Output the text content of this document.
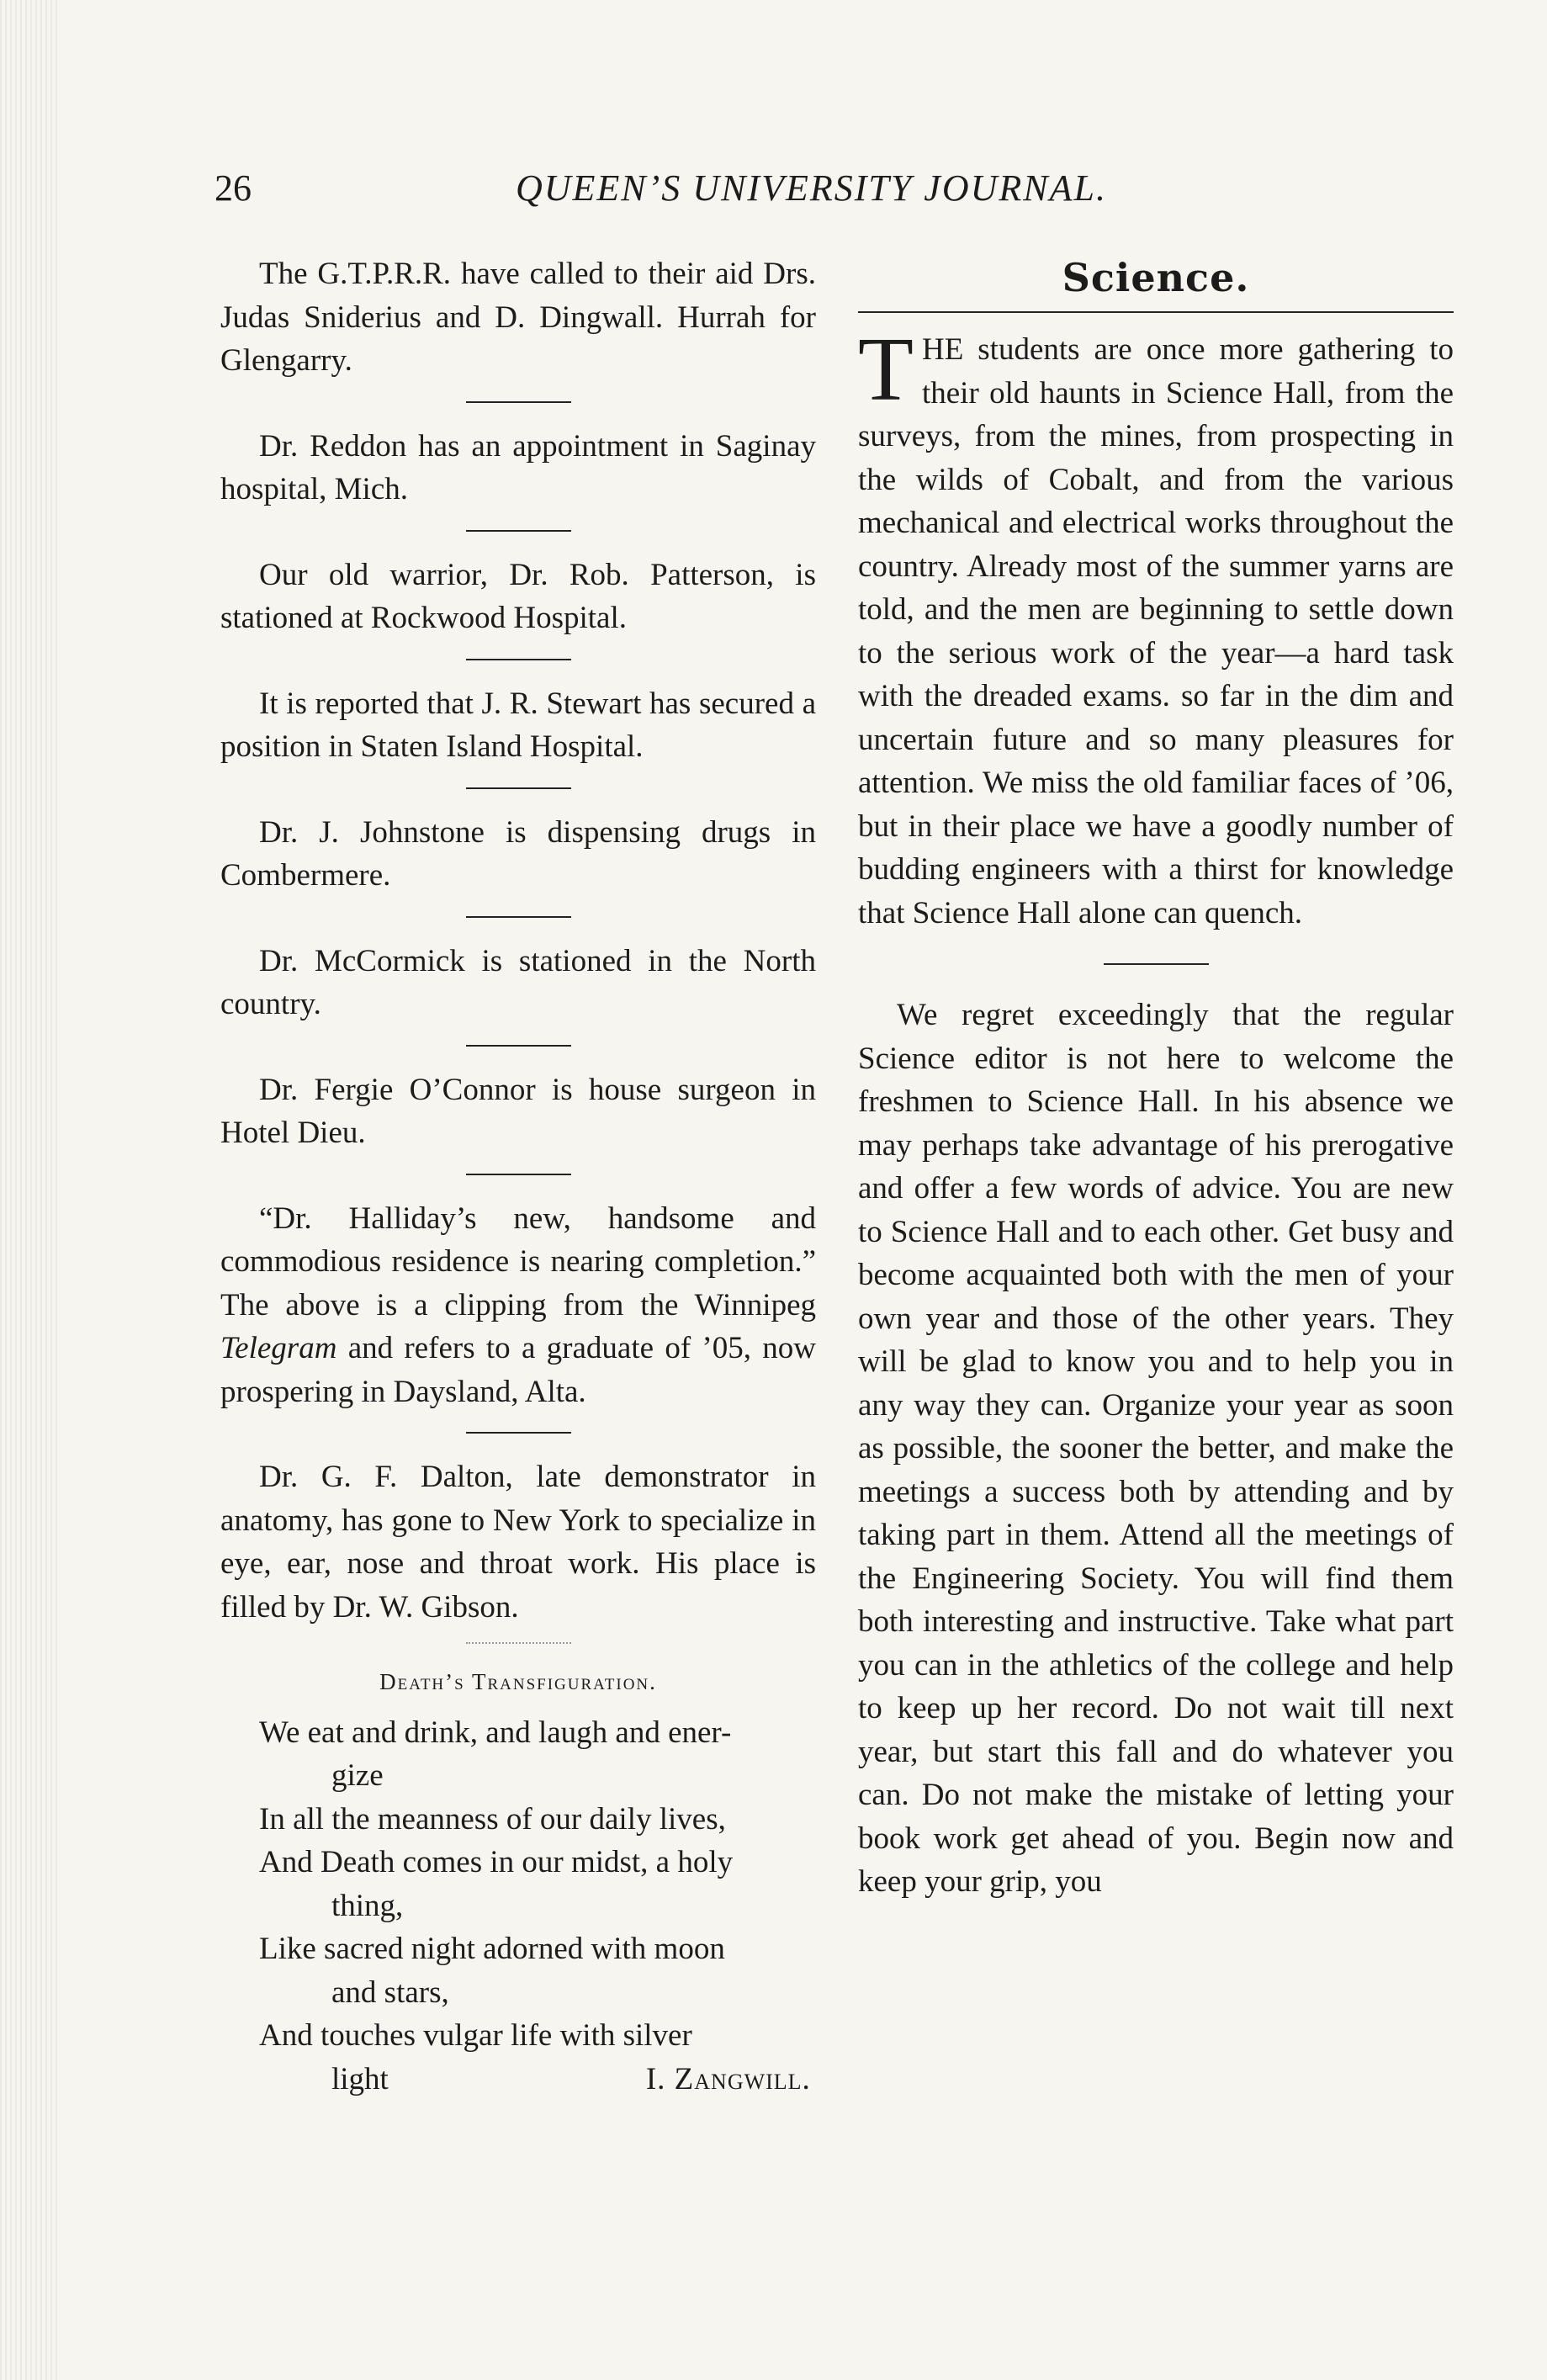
26	QUEEN’S UNIVERSITY JOURNAL.

The G.T.P.R.R. have called to their aid Drs. Judas Sniderius and D. Dingwall. Hurrah for Glengarry.

Dr. Reddon has an appointment in Saginay hospital, Mich.

Our old warrior, Dr. Rob. Patterson, is stationed at Rockwood Hospital.

It is reported that J. R. Stewart has secured a position in Staten Island Hospital.

Dr. J. Johnstone is dispensing drugs in Combermere.

Dr. McCormick is stationed in the North country.

Dr. Fergie O’Connor is house surgeon in Hotel Dieu.

“Dr. Halliday’s new, handsome and commodious residence is nearing completion.” The above is a clipping from the Winnipeg Telegram and refers to a graduate of ’05, now prospering in Daysland, Alta.

Dr. G. F. Dalton, late demonstrator in anatomy, has gone to New York to specialize in eye, ear, nose and throat work. His place is filled by Dr. W. Gibson.

Death’s Transfiguration.

We eat and drink, and laugh and ener-

gize

In all the meanness of our daily lives,

And Death comes in our midst, a holy

thing,

Like sacred night adorned with moon

and stars,

And touches vulgar life with silver

light	I. Zangwill.

Science.

THE students are once more gathering to their old haunts in Science Hall, from the surveys, from the mines, from prospecting in the wilds of Cobalt, and from the various mechanical and electrical works throughout the country. Already most of the summer yarns are told, and the men are beginning to settle down to the serious work of the year—a hard task with the dreaded exams. so far in the dim and uncertain future and so many pleasures for attention. We miss the old familiar faces of ’06, but in their place we have a goodly number of budding engineers with a thirst for knowledge that Science Hall alone can quench.

We regret exceedingly that the regular Science editor is not here to welcome the freshmen to Science Hall. In his absence we may perhaps take advantage of his prerogative and offer a few words of advice. You are new to Science Hall and to each other. Get busy and become acquainted both with the men of your own year and those of the other years. They will be glad to know you and to help you in any way they can. Organize your year as soon as possible, the sooner the better, and make the meetings a success both by attending and by taking part in them. Attend all the meetings of the Engineering Society. You will find them both interesting and instructive. Take what part you can in the athletics of the college and help to keep up her record. Do not wait till next year, but start this fall and do whatever you can. Do not make the mistake of letting your book work get ahead of you. Begin now and keep your grip, you
